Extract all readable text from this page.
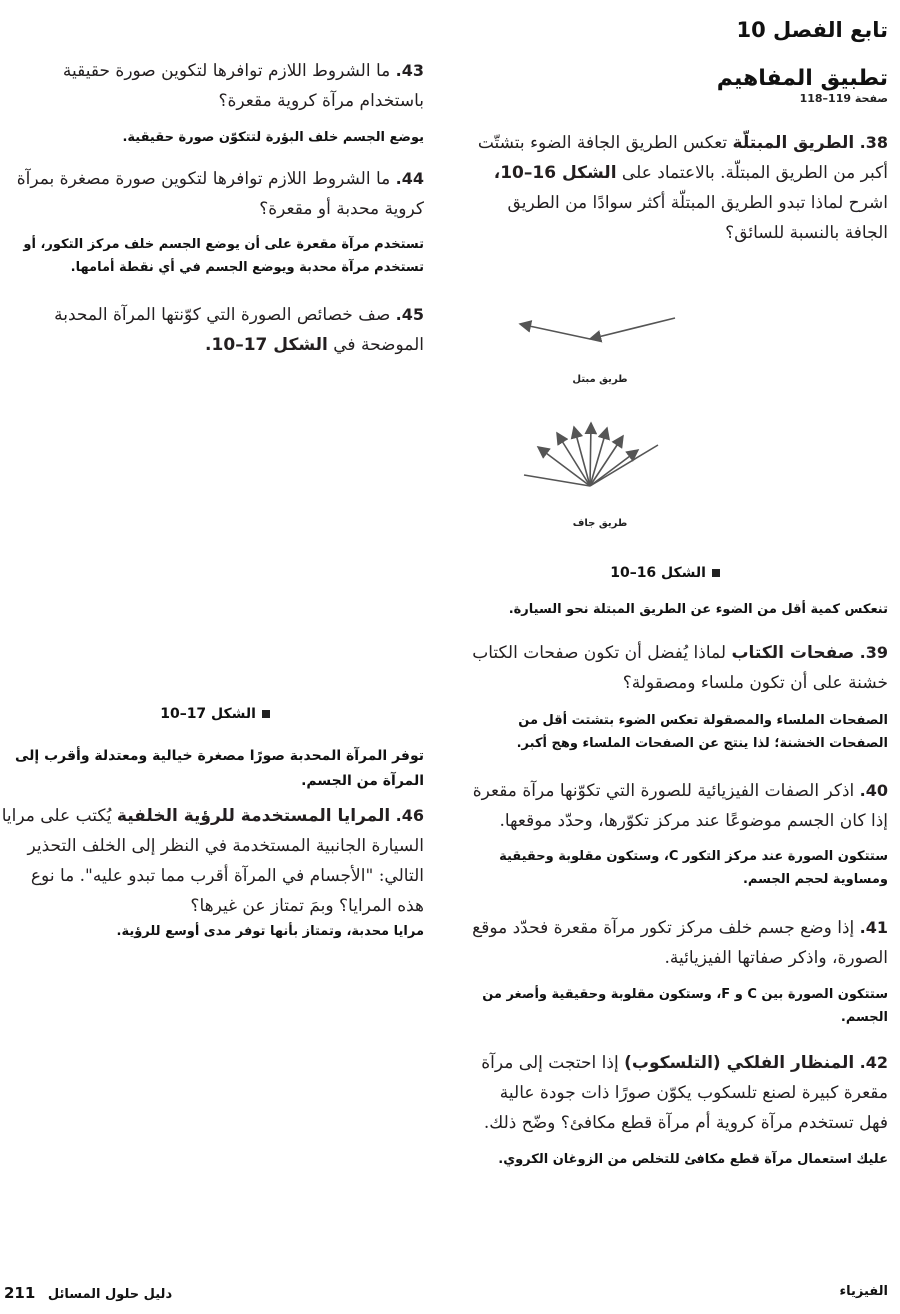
تابع الفصل 10
تطبيق المفاهيم
صفحة 119–118

38. الطريق المبتلّة تعكس الطريق الجافة الضوء بتشتّت أكبر من الطريق المبتلّة. بالاعتماد على الشكل 16–10، اشرح لماذا تبدو الطريق المبتلّة أكثر سوادًا من الطريق الجافة بالنسبة للسائق؟

طريق مبتل
طريق جاف
الشكل 16–10

تنعكس كمية أقل من الضوء عن الطريق المبتلة نحو السيارة.

39. صفحات الكتاب لماذا يُفضل أن تكون صفحات الكتاب خشنة على أن تكون ملساء ومصقولة؟

الصفحات الملساء والمصقولة تعكس الضوء بتشتت أقل من الصفحات الخشنة؛ لذا ينتج عن الصفحات الملساء وهج أكبر.

40. اذكر الصفات الفيزيائية للصورة التي تكوّنها مرآة مقعرة إذا كان الجسم موضوعًا عند مركز تكوّرها، وحدّد موقعها.

ستتكون الصورة عند مركز التكور C، وستكون مقلوبة وحقيقية ومساوية لحجم الجسم.

41. إذا وضع جسم خلف مركز تكور مرآة مقعرة فحدّد موقع الصورة، واذكر صفاتها الفيزيائية.

ستتكون الصورة بين C و F، وستكون مقلوبة وحقيقية وأصغر من الجسم.

42. المنظار الفلكي (التلسكوب) إذا احتجت إلى مرآة مقعرة كبيرة لصنع تلسكوب يكوّن صورًا ذات جودة عالية فهل تستخدم مرآة كروية أم مرآة قطع مكافئ؟ وضّح ذلك.

عليك استعمال مرآة قطع مكافئ للتخلص من الزوغان الكروي.

43. ما الشروط اللازم توافرها لتكوين صورة حقيقية باستخدام مرآة كروية مقعرة؟

يوضع الجسم خلف البؤرة لتتكوّن صورة حقيقية.

44. ما الشروط اللازم توافرها لتكوين صورة مصغرة بمرآة كروية محدبة أو مقعرة؟

تستخدم مرآة مقعرة على أن يوضع الجسم خلف مركز التكور، أو تستخدم مرآة محدبة ويوضع الجسم في أي نقطة أمامها.

45. صف خصائص الصورة التي كوّنتها المرآة المحدبة الموضحة في الشكل 17–10.

الشكل 17–10

توفر المرآة المحدبة صورًا مصغرة خيالية ومعتدلة وأقرب إلى المرآة من الجسم.

46. المرايا المستخدمة للرؤية الخلفية يُكتب على مرايا السيارة الجانبية المستخدمة في النظر إلى الخلف التحذير التالي: "الأجسام في المرآة أقرب مما تبدو عليه". ما نوع هذه المرايا؟ وبمَ تمتاز عن غيرها؟

مرايا محدبة، وتمتاز بأنها توفر مدى أوسع للرؤية.

الفيزياء
دليل حلول المسائل 211
